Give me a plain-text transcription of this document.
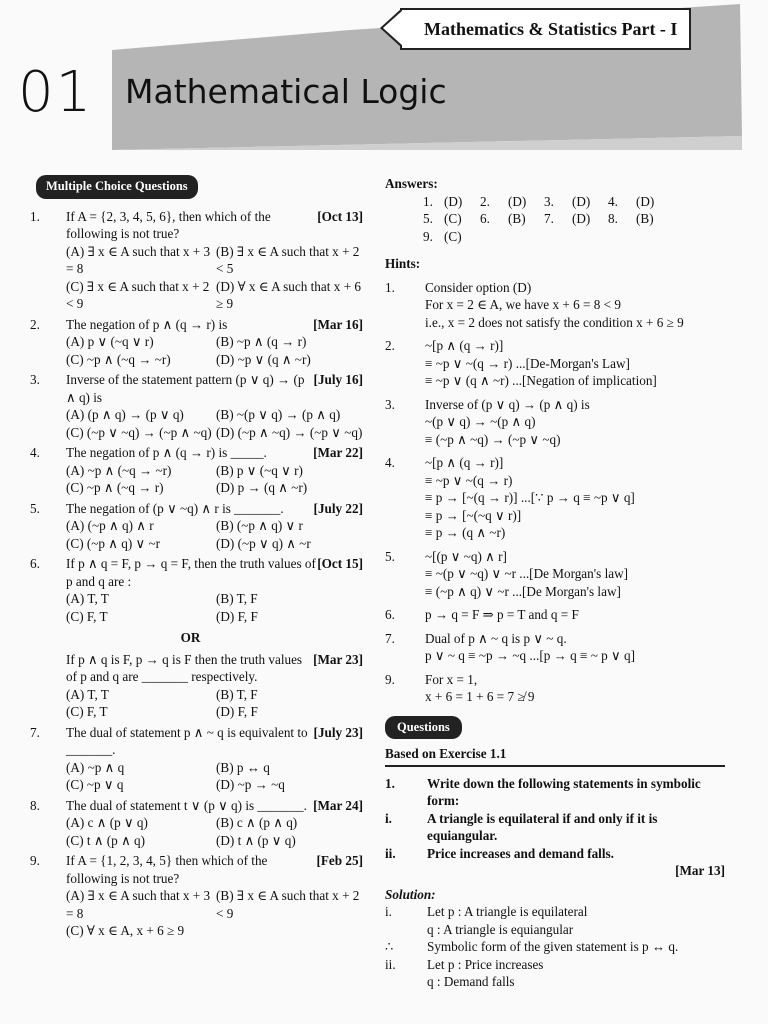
Mathematics & Statistics Part - I
01 Mathematical Logic
Multiple Choice Questions
1.	[Oct 13]
If A = {2, 3, 4, 5, 6}, then which of the following is not true?
(A) ∃ x ∈ A such that x + 3 = 8
(B) ∃ x ∈ A such that x + 2 < 5
(C) ∃ x ∈ A such that x + 2 < 9
(D) ∀ x ∈ A such that x + 6 ≥ 9
2.	[Mar 16]
The negation of p ∧ (q → r) is
(A) p ∨ (~q ∨ r)	(B) ~p ∧ (q → r)
(C) ~p ∧ (~q → ~r)	(D) ~p ∨ (q ∧ ~r)
3.	[July 16]
Inverse of the statement pattern (p ∨ q) → (p ∧ q) is
(A) (p ∧ q) → (p ∨ q)	(B) ~(p ∨ q) → (p ∧ q)
(C) (~p ∨ ~q) → (~p ∧ ~q) (D) (~p ∧ ~q) → (~p ∨ ~q)
4.	[Mar 22]
The negation of p ∧ (q → r) is _____.
(A) ~p ∧ (~q → ~r)	(B) p ∨ (~q ∨ r)
(C) ~p ∧ (~q → r)	(D) p → (q ∧ ~r)
5.	[July 22]
The negation of (p ∨ ~q) ∧ r is _______.
(A) (~p ∧ q) ∧ r	(B) (~p ∧ q) ∨ r
(C) (~p ∧ q) ∨ ~r	(D) (~p ∨ q) ∧ ~r
6.	[Oct 15]
If p ∧ q = F, p → q = F, then the truth values of p and q are :
(A) T, T	(B) T, F
(C) F, T	(D) F, F
OR
[Mar 23]
If p ∧ q is F, p → q is F then the truth values of p and q are _______ respectively.
(A) T, T	(B) T, F
(C) F, T	(D) F, F
7.	[July 23]
The dual of statement p ∧ ~ q is equivalent to _______.
(A) ~p ∧ q	(B) p ↔ q
(C) ~p ∨ q	(D) ~p → ~q
8.	[Mar 24]
The dual of statement t ∨ (p ∨ q) is _______.
(A) c ∧ (p ∨ q)	(B) c ∧ (p ∧ q)
(C) t ∧ (p ∧ q)	(D) t ∧ (p ∨ q)
9.	[Feb 25]
If A = {1, 2, 3, 4, 5} then which of the following is not true?
(A) ∃ x ∈ A such that x + 3 = 8
(B) ∃ x ∈ A such that x + 2 < 9
(C) ∀ x ∈ A, x + 6 ≥ 9
Answers:
1. (D)	2.	(D)	3.	(D)	4.	(D)
5. (C)	6.	(B)	7.	(D)	8.	(B)
9. (C)
Hints:
1. Consider option (D)
For x = 2 ∈ A, we have x + 6 = 8 < 9
i.e., x = 2 does not satisfy the condition x + 6 ≥ 9
2. ~[p ∧ (q → r)]
≡ ~p ∨ ~(q → r) ...[De-Morgan's Law]
≡ ~p ∨ (q ∧ ~r) ...[Negation of implication]
3. Inverse of (p ∨ q) → (p ∧ q) is
~(p ∨ q) → ~(p ∧ q)
≡ (~p ∧ ~q) → (~p ∨ ~q)
4. ~[p ∧ (q → r)]
≡ ~p ∨ ~(q → r)
≡ p → [~(q → r)] ...[∵ p → q ≡ ~p ∨ q]
≡ p → [~(~q ∨ r)]
≡ p → (q ∧ ~r)
5. ~[(p ∨ ~q) ∧ r]
≡ ~(p ∨ ~q) ∨ ~r ...[De Morgan's law]
≡ (~p ∧ q) ∨ ~r ...[De Morgan's law]
6. p → q = F ⇒ p = T and q = F
7. Dual of p ∧ ~ q is p ∨ ~ q.
p ∨ ~ q ≡ ~p → ~q ...[p → q ≡ ~ p ∨ q]
9. For x = 1,
x + 6 = 1 + 6 = 7 ≱ 9
Questions
Based on Exercise 1.1
1. Write down the following statements in symbolic form:
i.	A triangle is equilateral if and only if it is equiangular.
ii. Price increases and demand falls.
[Mar 13]
Solution:
i.	Let p : A triangle is equilateral
q : A triangle is equiangular
∴	Symbolic form of the given statement is p ↔ q.
ii. Let p : Price increases
q : Demand falls
